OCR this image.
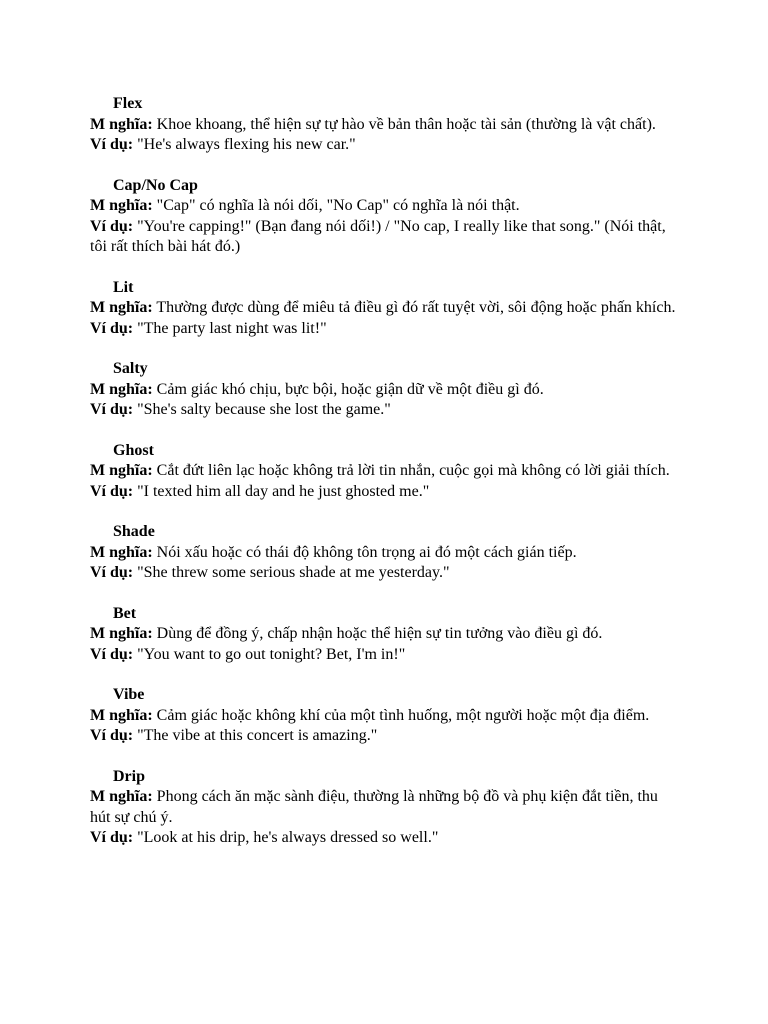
Flex
M nghĩa: Khoe khoang, thể hiện sự tự hào về bản thân hoặc tài sản (thường là vật chất).
Ví dụ: "He's always flexing his new car."
Cap/No Cap
M nghĩa: "Cap" có nghĩa là nói dối, "No Cap" có nghĩa là nói thật.
Ví dụ: "You're capping!" (Bạn đang nói dối!) / "No cap, I really like that song." (Nói thật, tôi rất thích bài hát đó.)
Lit
M nghĩa: Thường được dùng để miêu tả điều gì đó rất tuyệt vời, sôi động hoặc phấn khích.
Ví dụ: "The party last night was lit!"
Salty
M nghĩa: Cảm giác khó chịu, bực bội, hoặc giận dữ về một điều gì đó.
Ví dụ: "She's salty because she lost the game."
Ghost
M nghĩa: Cắt đứt liên lạc hoặc không trả lời tin nhắn, cuộc gọi mà không có lời giải thích.
Ví dụ: "I texted him all day and he just ghosted me."
Shade
M nghĩa: Nói xấu hoặc có thái độ không tôn trọng ai đó một cách gián tiếp.
Ví dụ: "She threw some serious shade at me yesterday."
Bet
M nghĩa: Dùng để đồng ý, chấp nhận hoặc thể hiện sự tin tưởng vào điều gì đó.
Ví dụ: "You want to go out tonight? Bet, I'm in!"
Vibe
M nghĩa: Cảm giác hoặc không khí của một tình huống, một người hoặc một địa điểm.
Ví dụ: "The vibe at this concert is amazing."
Drip
M nghĩa: Phong cách ăn mặc sành điệu, thường là những bộ đồ và phụ kiện đắt tiền, thu hút sự chú ý.
Ví dụ: "Look at his drip, he's always dressed so well."
